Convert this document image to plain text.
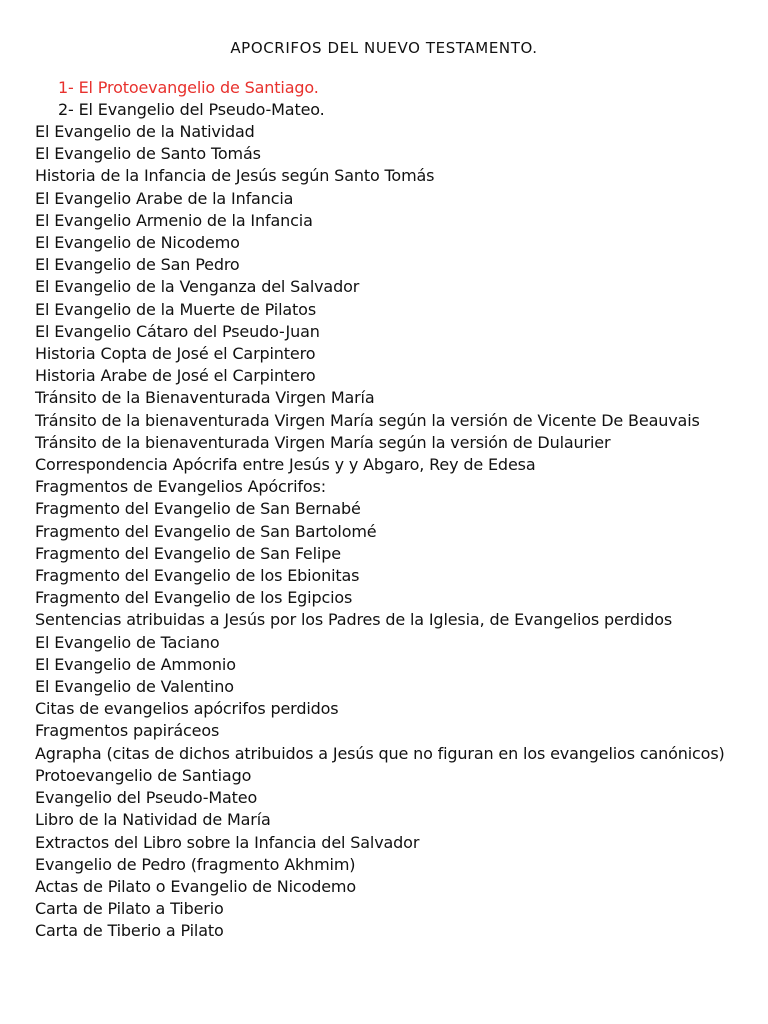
APOCRIFOS DEL NUEVO TESTAMENTO.
1- El Protoevangelio de Santiago.
2- El Evangelio del Pseudo-Mateo.
El Evangelio de la Natividad
El Evangelio de Santo Tomás
Historia de la Infancia de Jesús según Santo Tomás
El Evangelio Arabe de la Infancia
El Evangelio Armenio de la Infancia
El Evangelio de Nicodemo
El Evangelio de San Pedro
El Evangelio de la Venganza del Salvador
El Evangelio de la Muerte de Pilatos
El Evangelio Cátaro del Pseudo-Juan
Historia Copta de José el Carpintero
Historia Arabe de José el Carpintero
Tránsito de la Bienaventurada Virgen María
Tránsito de la bienaventurada Virgen María según la versión de Vicente De Beauvais
Tránsito de la bienaventurada Virgen María según la versión de Dulaurier
Correspondencia Apócrifa entre Jesús y y Abgaro, Rey de Edesa
Fragmentos de Evangelios Apócrifos:
Fragmento del Evangelio de San Bernabé
Fragmento del Evangelio de San Bartolomé
Fragmento del Evangelio de San Felipe
Fragmento del Evangelio de los Ebionitas
Fragmento del Evangelio de los Egipcios
Sentencias atribuidas a Jesús por los Padres de la Iglesia, de Evangelios perdidos
El Evangelio de Taciano
El Evangelio de Ammonio
El Evangelio de Valentino
Citas de evangelios apócrifos perdidos
Fragmentos papiráceos
Agrapha (citas de dichos atribuidos a Jesús que no figuran en los evangelios canónicos)
Protoevangelio de Santiago
Evangelio del Pseudo-Mateo
Libro de la Natividad de María
Extractos del Libro sobre la Infancia del Salvador
Evangelio de Pedro (fragmento Akhmim)
Actas de Pilato o Evangelio de Nicodemo
Carta de Pilato a Tiberio
Carta de Tiberio a Pilato
